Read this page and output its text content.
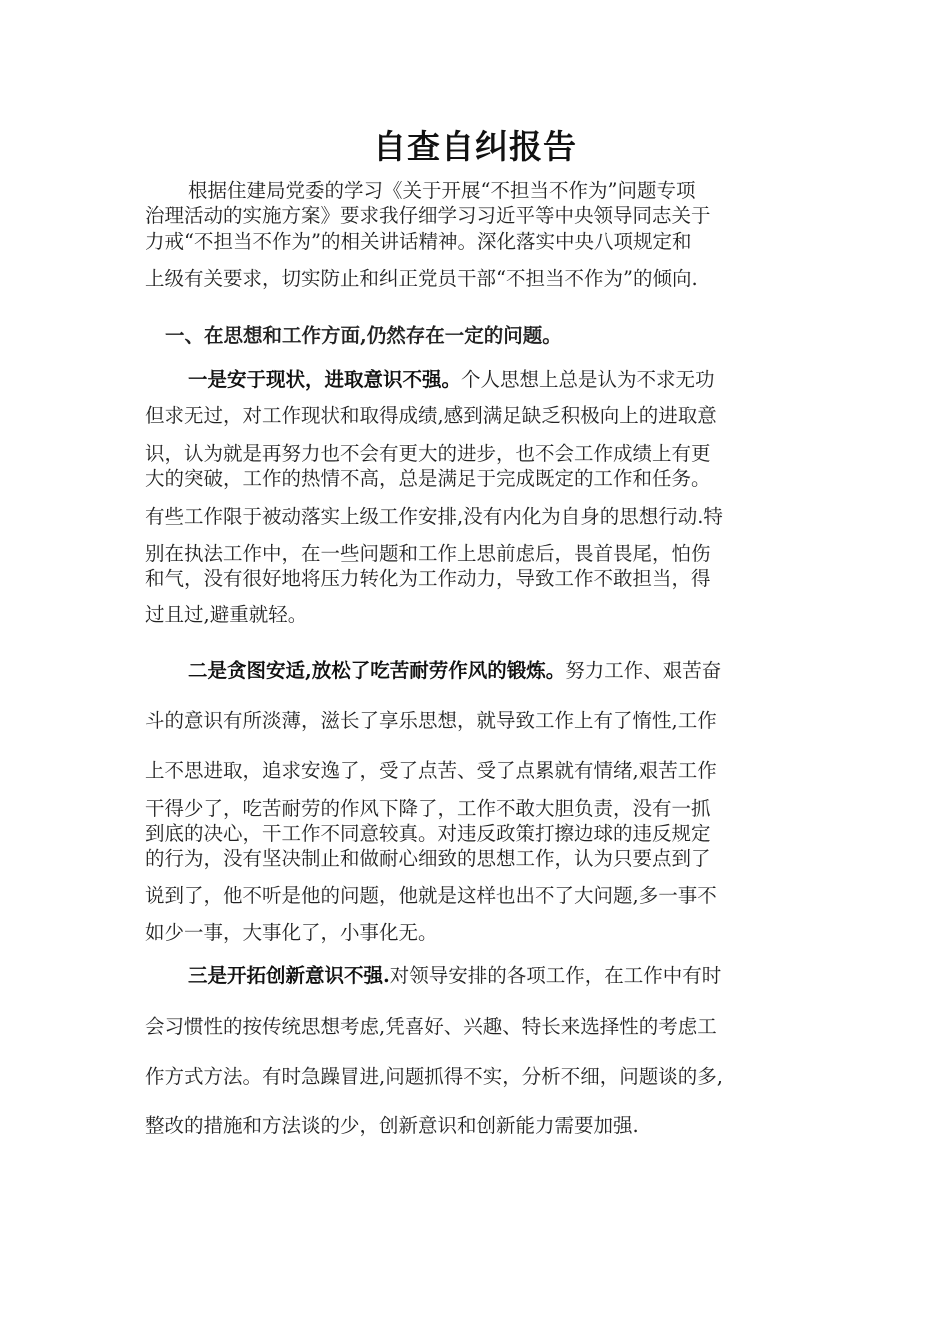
自查自纠报告
根据住建局党委的学习《关于开展“不担当不作为”问题专项
治理活动的实施方案》要求我仔细学习习近平等中央领导同志关于
力戒“不担当不作为”的相关讲话精神。深化落实中央八项规定和
上级有关要求，切实防止和纠正党员干部“不担当不作为”的倾向.
一、在思想和工作方面,仍然存在一定的问题。
一是安于现状，进取意识不强。个人思想上总是认为不求无功
但求无过，对工作现状和取得成绩,感到满足缺乏积极向上的进取意
识，认为就是再努力也不会有更大的进步，也不会工作成绩上有更
大的突破，工作的热情不高，总是满足于完成既定的工作和任务。
有些工作限于被动落实上级工作安排,没有内化为自身的思想行动.特
别在执法工作中，在一些问题和工作上思前虑后，畏首畏尾，怕伤
和气，没有很好地将压力转化为工作动力，导致工作不敢担当，得
过且过,避重就轻。
二是贪图安适,放松了吃苦耐劳作风的锻炼。努力工作、艰苦奋
斗的意识有所淡薄，滋长了享乐思想，就导致工作上有了惰性,工作
上不思进取，追求安逸了，受了点苦、受了点累就有情绪,艰苦工作
干得少了，吃苦耐劳的作风下降了，工作不敢大胆负责，没有一抓
到底的决心，干工作不同意较真。对违反政策打擦边球的违反规定
的行为，没有坚决制止和做耐心细致的思想工作，认为只要点到了
说到了，他不听是他的问题，他就是这样也出不了大问题,多一事不
如少一事，大事化了，小事化无。
三是开拓创新意识不强.对领导安排的各项工作，在工作中有时
会习惯性的按传统思想考虑,凭喜好、兴趣、特长来选择性的考虑工
作方式方法。有时急躁冒进,问题抓得不实，分析不细，问题谈的多,
整改的措施和方法谈的少，创新意识和创新能力需要加强.
